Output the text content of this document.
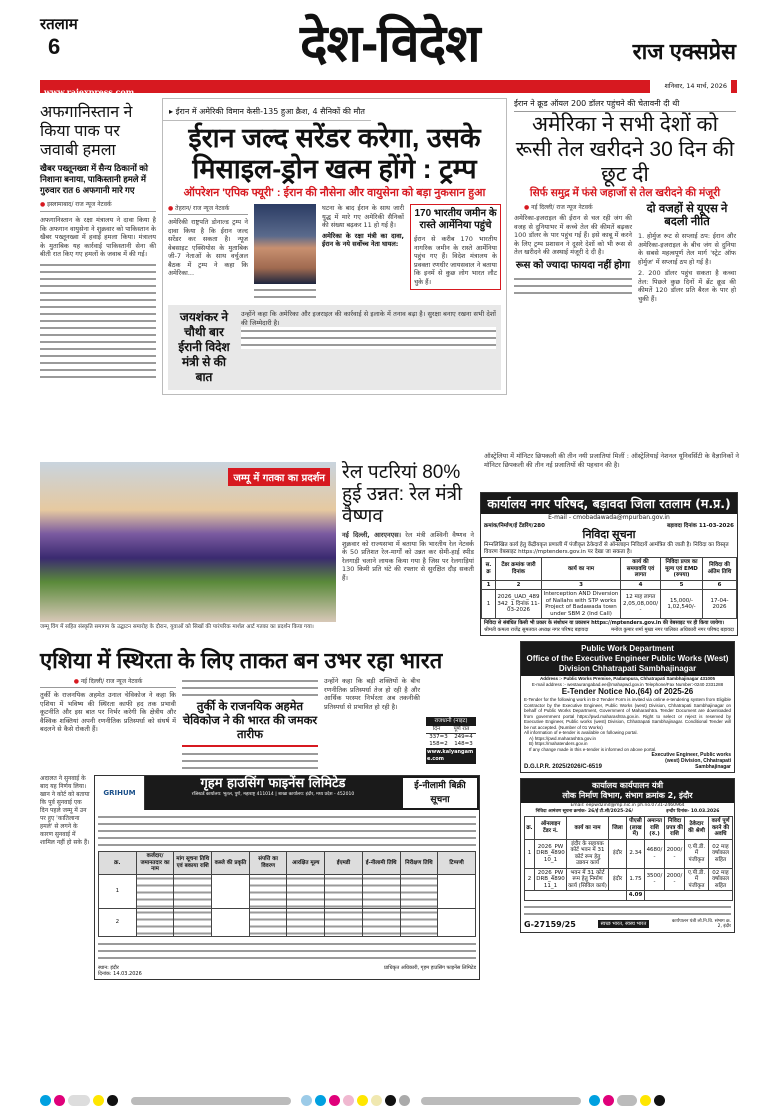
रतलाम
6	देश-विदेश	राज एक्सप्रेस
www.rajexpress.com
शनिवार, 14 मार्च, 2026
अफगानिस्तान ने किया पाक पर जवाबी हमला
खैबर पख्तूनख्वा में सैन्य ठिकानों को निशाना बनाया, पाकिस्तानी हमले में गुरुवार रात 6 अफगानी मारे गए
● इस्लामाबाद/ राज न्यूज नेटवर्क
अफगानिस्तान के रक्षा मंत्रालय ने दावा किया है कि अफगान वायुसेना ने शुक्रवार को पाकिस्तान के खैबर पख्तूनख्वा में हवाई हमला किया। मंत्रालय के मुताबिक यह कार्रवाई पाकिस्तानी सेना की बीती रात किए गए हमलों के जवाब में की गई।
▸ ईरान में अमेरिकी विमान केसी-135 हुआ क्रैश, 4 सैनिकों की मौत
ईरान जल्द सरेंडर करेगा, उसके मिसाइल-ड्रोन खत्म होंगे : ट्रम्प
ऑपरेशन 'एपिक फ्यूरी' : ईरान की नौसेना और वायुसेना को बड़ा नुकसान हुआ
● तेहरान/ राज न्यूज नेटवर्क
अमेरिकी राष्ट्रपति डोनाल्ड ट्रम्प ने दावा किया है कि ईरान जल्द सरेंडर कर सकता है। न्यूज वेबसाइट एक्सियोस के मुताबिक जी-7 नेताओं के साथ वर्चुअल बैठक में ट्रम्प ने कहा कि अमेरिका...
घटना के बाद ईरान के साथ जारी युद्ध में मारे गए अमेरिकी सैनिकों की संख्या बढ़कर 11 हो गई है।
अमेरिका के रक्षा मंत्री का दावा, ईरान के नये सर्वोच्च नेता घायल:
170 भारतीय जमीन के रास्ते आर्मेनिया पहुंचे
ईरान से करीब 170 भारतीय नागरिक जमीन के रास्ते आर्मेनिया पहुंच गए हैं। विदेश मंत्रालय के प्रवक्ता रणधीर जायसवाल ने बताया कि इनमें से कुछ लोग भारत लौट चुके हैं।
जयशंकर ने चौथी बार ईरानी विदेश मंत्री से की बात
उन्होंने कहा कि अमेरिका और इजराइल की कार्रवाई से इलाके में तनाव बढ़ा है। सुरक्षा बनाए रखना सभी देशों की जिम्मेदारी है।
ईरान ने क्रूड ऑयल 200 डॉलर पहुंचने की चेतावनी दी थी
अमेरिका ने सभी देशों को रूसी तेल खरीदने 30 दिन की छूट दी
सिर्फ समुद्र में फंसे जहाजों से तेल खरीदने की मंजूरी
● नई दिल्ली/ राज न्यूज नेटवर्क
अमेरिका-इजराइल की ईरान से चल रही जंग की वजह से दुनियाभर में कच्चे तेल की कीमतें बढ़कर 100 डॉलर के पार पहुंच गई हैं। इसे काबू में करने के लिए ट्रम्प प्रशासन ने दूसरे देशों को भी रूस से तेल खरीदने की अस्थाई मंजूरी दे दी है।
रूस को ज्यादा फायदा नहीं होगा
दो वजहों से यूएस ने बदली नीति
1. होर्मुज रूट से सप्लाई ठप: ईरान और अमेरिका-इजराइल के बीच जंग से दुनिया के सबसे महत्वपूर्ण तेल मार्ग 'स्ट्रेट ऑफ होर्मुज' में सप्लाई ठप हो गई है।
2. 200 डॉलर पहुंच सकता है कच्चा तेल: पिछले कुछ दिनों में ब्रेंट क्रूड की कीमतें 120 डॉलर प्रति बैरल के पार हो चुकी हैं।
ऑस्ट्रेलिया में मॉनिटर छिपकली की तीन नयी प्रजातियां मिलीं : ऑस्ट्रेलियाई नेशनल यूनिवर्सिटी के वैज्ञानिकों ने मॉनिटर छिपकली की तीन नई प्रजातियों की पहचान की है।
जम्मू में गतका का प्रदर्शन
जम्मू विंग में सहित संस्कृति समागम के उद्घाटन समारोह के दौरान, युवाओं को सिखों की पारंपरिक मार्शल आर्ट गतका का प्रदर्शन किया गया।
रेल पटरियां 80% हुई उन्नत: रेल मंत्री वैष्णव
नई दिल्ली, आरएनएस। रेल मंत्री अश्विनी वैष्णव ने शुक्रवार को राज्यसभा में बताया कि भारतीय रेल नेटवर्क के 50 प्रतिशत रेल-मार्गों को उन्नत कर सेमी-हाई स्पीड रेलगाड़ी चलाने लायक किया गया है जिस पर रेलगाड़ियां 130 किमी प्रति घंटे की रफ्तार से सुरक्षित दौड़ सकती हैं।
कार्यालय नगर परिषद, बड़ावदा जिला रतलाम (म.प्र.)
E-mail - cmobadawada@mpurban.gov.in
क्रमांक/निर्माण/ई टेंडरिंग/280	बड़ावदा दिनांक 11-03-2026
निविदा सूचना
निम्नलिखित कार्य हेतु केंद्रीयकृत प्रणाली में पंजीकृत ठेकेदारों से ऑनलाइन निविदायें आमंत्रित की जाती है। निविदा का विस्तृत विवरण वेबसाइट https://mptenders.gov.in पर देखा जा सकता है।
स. क्र	टेंडर क्रमांक जारी दिनांक	कार्य का नाम	कार्य की समयावधि एवं लागत	निविदा प्रपत्र का मूल्य एवं EMD (रुपया)	निविदा की अंतिम तिथि
1	2	3	4	5	6
1	2026_UAD_489342_1 दिनांक 11-03-2026	Interception AND Diversion of Nallahs with STP works Project of Badawada town under SBM 2 (Ind Call)	12 माह लागत 2,05,08,000/-	15,000/- 1,02,540/-	17-04-2026
निविदा से संबंधित किसी भी प्रकार के संशोधन या प्रकाशन https://mptenders.gov.in की वेबसाइट पर ही किया जायेगा।
श्रीमती कमला राजेंद्र सुमतवत अध्यक्ष नगर परिषद बड़ावदा	मनोज कुमार शर्मा मुख्य नगर पालिका अधिकारी नगर परिषद बड़ावदा
Public Work Department
Office of the Executive Engineer Public Works (West) Division Chhatrapati Sambhajinagar
Address :- Public Works Premise, Padampura, Chhatrapati Sambhajinagar 431005
E-mail address :- westaurangabad.ee@mahapwd.gov.in Telephone/Fax Number:-0240 2331288
E-Tender Notice No.(64) of 2025-26
E-Tender for the following work in B-2 Tender Form is invited via online e-tendering system from Eligible Contractor by the Executive Engineer, Public Works (west) Division, Chhatrapati Sambhajinagar on behalf of Public Works Department, Government of Maharashtra. Tender Document are downloaded from government portal https://pwd.maharashtra.gov.in. Right to select or reject is reserved by Executive Engineer, Public works (west) Division, Chhatrapati Sambhajinagar. Conditional Tender will be not accepted. (Number of 01 Works)
All information of e-tender is available on following portal.
A) https://pwd.maharashtra.gov.in
B) https://mahatenders.gov.in
If any change made in this e-tender is informed on above portal.
D.G.I.P.R. 2025/2026/C-6519
Executive Engineer, Public works (west) Division, Chhatrapati Sambhajinagar
कार्यालय कार्यपालन यंत्री
लोक निर्माण विभाग, संभाग क्रमांक 2, इंदौर
Email: eepwd2ind@mp.nic.in ph.no.0731-2460964
निविदा आमंत्रण सूचना क्रमांक- 26/ई टी.सी/2025-26/	इन्दौर दिनांक- 10.03.2026
क्र.	ऑनलाइन टेंडर नं.	कार्य का नाम	जिला	पीएसी (लाख में)	अमानत राशि (रु.)	निविदा प्रपत्र की राशि	ठेकेदार की श्रेणी	कार्य पूर्ण करने की अवधि
1	2026_PWDRB_489010_1	इंदौर के सहायक कोर्ट भवन में 31 कोर्ट रूम हेतु उन्नयन कार्य	इंदौर	2.34	4680/-	2000/-	ए.पी.डी. में पंजीकृत	02 माह वर्षाकाल सहित
2	2026_PWDRB_489011_1	भवन में 31 कोर्ट रूम हेतु निर्माण कार्य (सिविल कार्य)	इंदौर	1.75	3500/-	2000/-	ए.पी.डी. में पंजीकृत	02 माह वर्षाकाल सहित
				4.09				
G-27159/25	स्वच्छ भारत, स्वस्थ भारत	कार्यपालन यंत्री लो.नि.वि. संभाग क्र. 2, इंदौर
एशिया में स्थिरता के लिए ताकत बन उभर रहा भारत
● नई दिल्ली/ राज न्यूज नेटवर्क
तुर्की के राजनयिक अहमेत उनाल चेविकोज ने कहा कि एशिया में भविष्य की स्थिरता काफी हद तक प्रभावी कूटनीति और इस बात पर निर्भर करेगी कि क्षेत्रीय और वैश्विक शक्तियां अपनी रणनीतिक प्रतिस्पर्धा को संघर्ष में बदलने से कैसे रोकती हैं।
तुर्की के राजनयिक अहमेत चेविकोज ने की भारत की जमकर तारीफ
उन्होंने कहा कि बड़ी शक्तियों के बीच रणनीतिक प्रतिस्पर्धा तेज हो रही है और आर्थिक परस्पर निर्भरता अब तकनीकी प्रतिस्पर्धा से प्रभावित हो रही है।
राजधानी (नाइट)
दिन पूर्ण रात
337=3 249=4
158=2 148=3
www.kalyangame.com
अदालत ने सुनवाई के बाद यह निर्णय लिया। खान ने कोर्ट को बताया कि पूर्व सुनवाई एक दिन पहले जम्मू में उन पर हुए 'कातिलाना हमले' से लगने के कारण सुनवाई में शामिल नहीं हो सके हैं।
GRIHUM
गृहम हाउसिंग फाइनेंस लिमिटेड
रजिस्टर्ड कार्यालय: भूतल, पुणे, महाराष्ट्र 411014 | शाखा कार्यालय: इंदौर, मध्य प्रदेश - 452010
ई-नीलामी बिक्री सूचना
क्र.	कर्जदार/जमानतदार का नाम	मांग सूचना तिथि एवं बकाया राशि	कब्जे की प्रकृति	संपत्ति का विवरण	आरक्षित मूल्य	ईएमडी	ई-नीलामी तिथि	निरीक्षण तिथि	टिप्पणी
1									
2									
स्थान: इंदौर
दिनांक: 14.03.2026
प्राधिकृत अधिकारी, गृहम हाउसिंग फाइनेंस लिमिटेड
